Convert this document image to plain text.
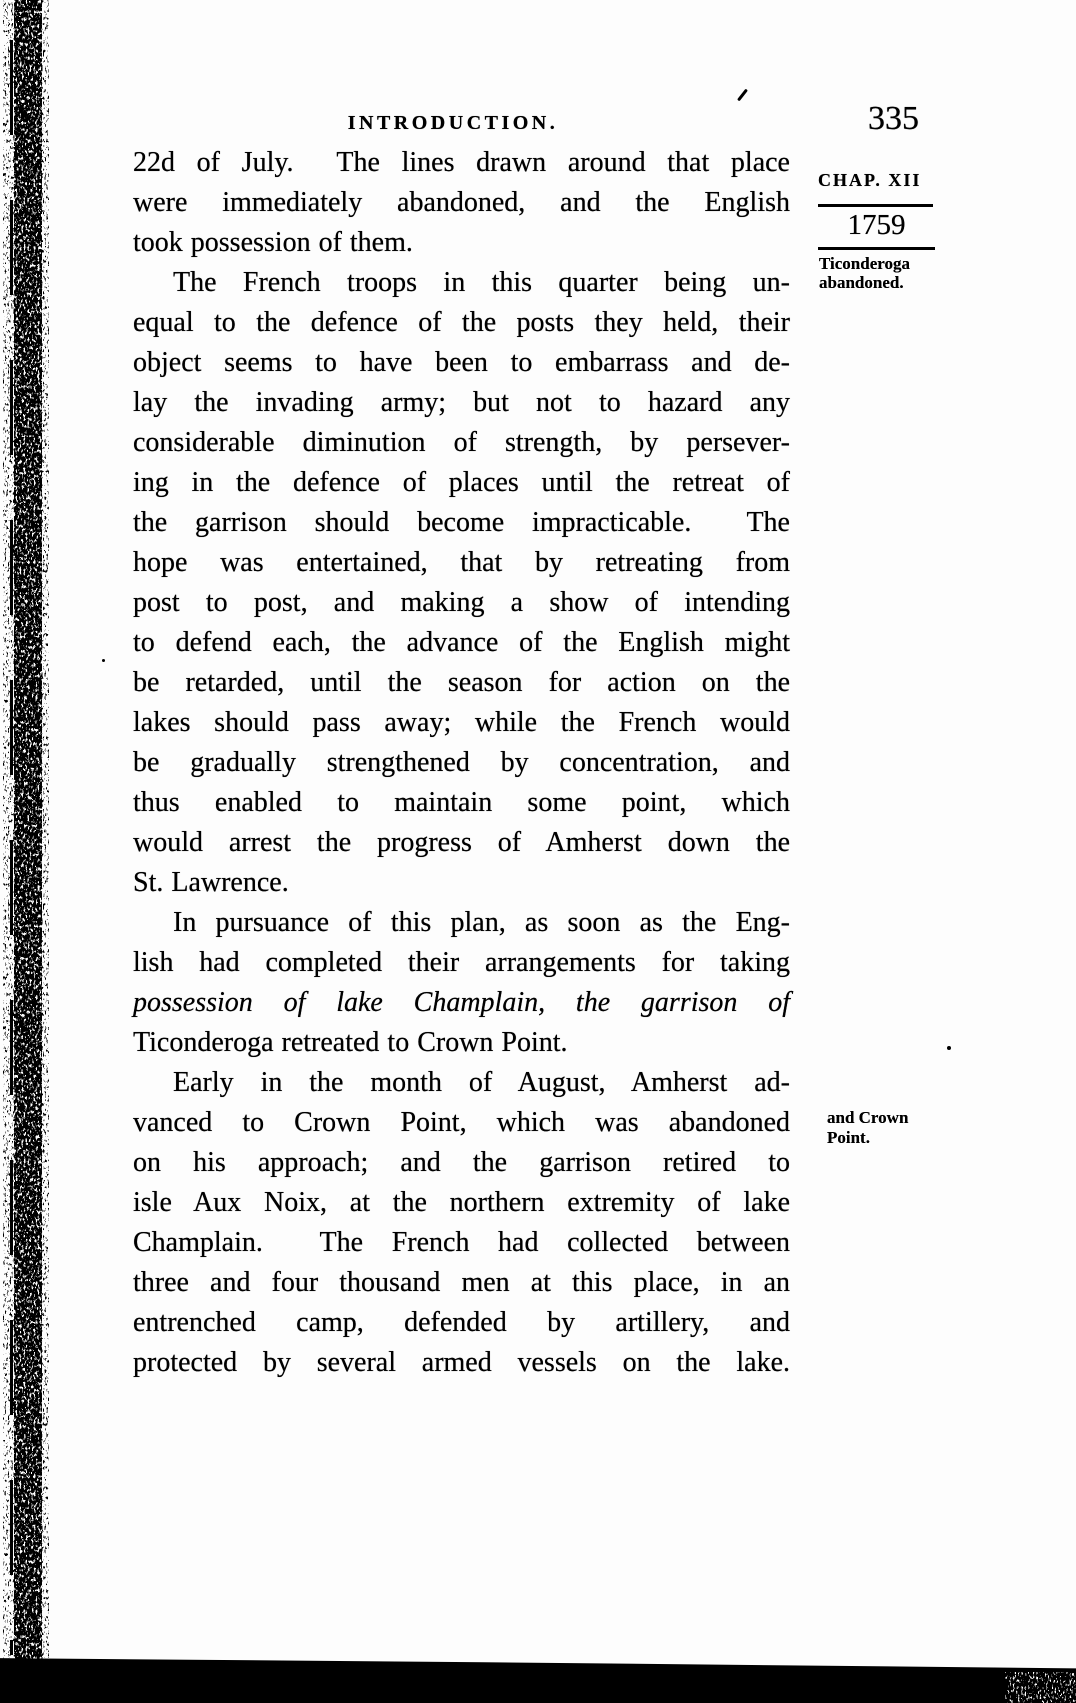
INTRODUCTION.	335
22d of July.  The lines drawn around that place
were immediately abandoned, and the English
took possession of them.
The French troops in this quarter being un-
equal to the defence of the posts they held, their
object seems to have been to embarrass and de-
lay the invading army; but not to hazard any
considerable diminution of strength, by persever-
ing in the defence of places until the retreat of
the garrison should become impracticable.  The
hope was entertained, that by retreating from
post to post, and making a show of intending
to defend each, the advance of the English might
be retarded, until the season for action on the
lakes should pass away; while the French would
be gradually strengthened by concentration, and
thus enabled to maintain some point, which
would arrest the progress of Amherst down the
St. Lawrence.
In pursuance of this plan, as soon as the Eng-
lish had completed their arrangements for taking
possession of lake Champlain, the garrison of
Ticonderoga retreated to Crown Point.
Early in the month of August, Amherst ad-
vanced to Crown Point, which was abandoned
on his approach; and the garrison retired to
isle Aux Noix, at the northern extremity of lake
Champlain.  The French had collected between
three and four thousand men at this place, in an
entrenched camp, defended by artillery, and
protected by several armed vessels on the lake.
CHAP. XII
1759
Ticonderoga
abandoned.
and Crown
Point.
